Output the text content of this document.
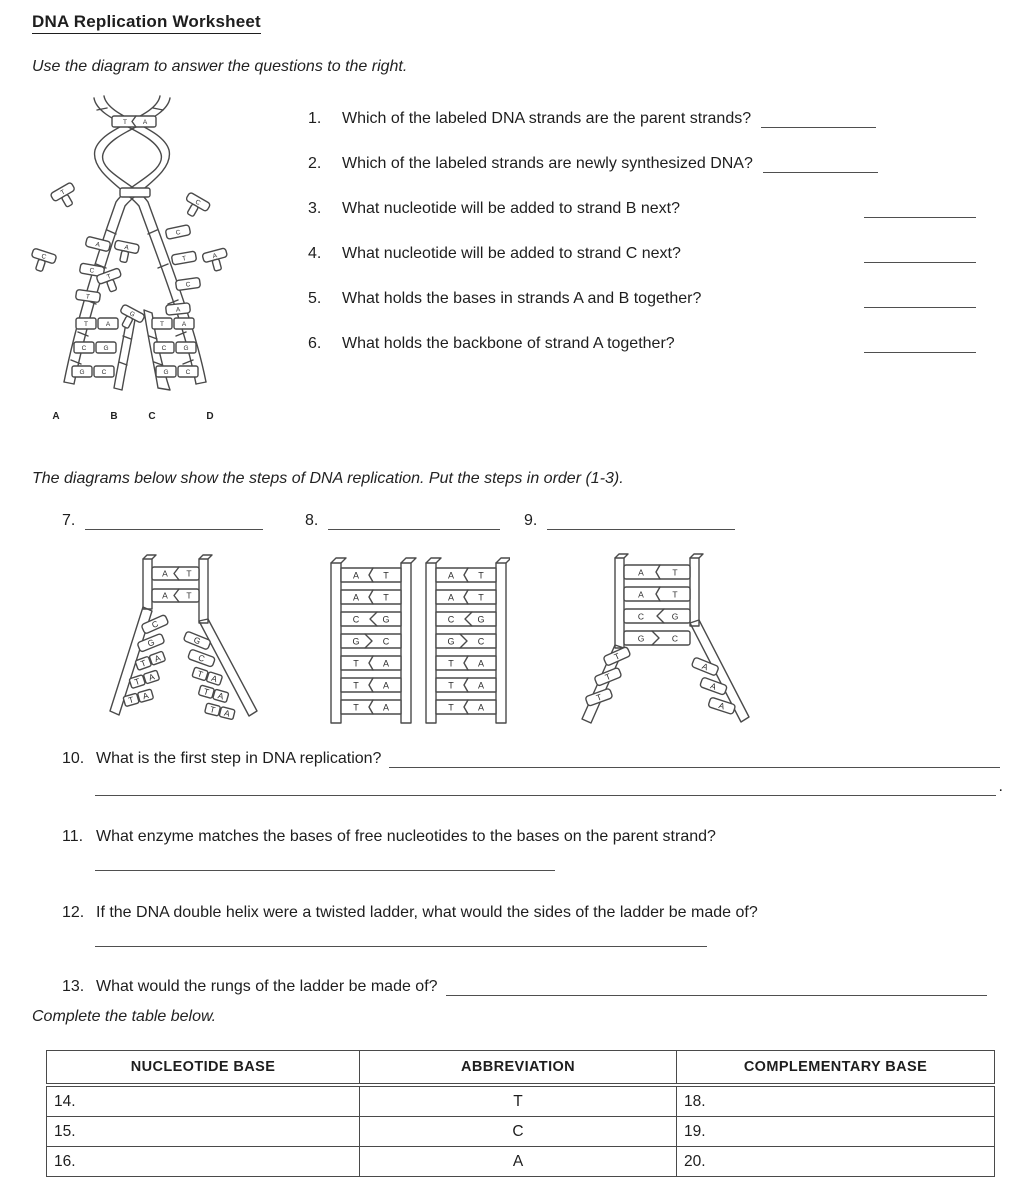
DNA Replication Worksheet
Use the diagram to answer the questions to the right.
T A
A
C
T
C
T
C
A
T	A
C	G
G	C
T	A
C	G
G	C
T
C
A
T
G
C
A
A	B	C	D
1.	Which of the labeled DNA strands are the parent strands?
2.	Which of the labeled strands are newly synthesized DNA?
3.	What nucleotide will be added to strand B next?
4.	What nucleotide will be added to strand C next?
5.	What holds the bases in strands A and B together?
6.	What holds the backbone of strand A together?
The diagrams below show the steps of DNA replication. Put the steps in order (1-3).
7.	8.	9.
A T
A T
C
G
T A
T A
T A
G
C
T A
T A
T A
A	T
A	T
C	G
G	C
T	A
T	A
T	A
A	T
A	T
C	G
G	C
T	A
T	A
T	A
A	T
A	T
C	G
G	C
T
T
T
A
A
A
10. What is the first step in DNA replication?
.
11. What enzyme matches the bases of free nucleotides to the bases on the parent strand?
12. If the DNA double helix were a twisted ladder, what would the sides of the ladder be made of?
13. What would the rungs of the ladder be made of?
Complete the table below.
NUCLEOTIDE BASE	ABBREVIATION	COMPLEMENTARY BASE
14.	T	18.
15.	C	19.
16.	A	20.
